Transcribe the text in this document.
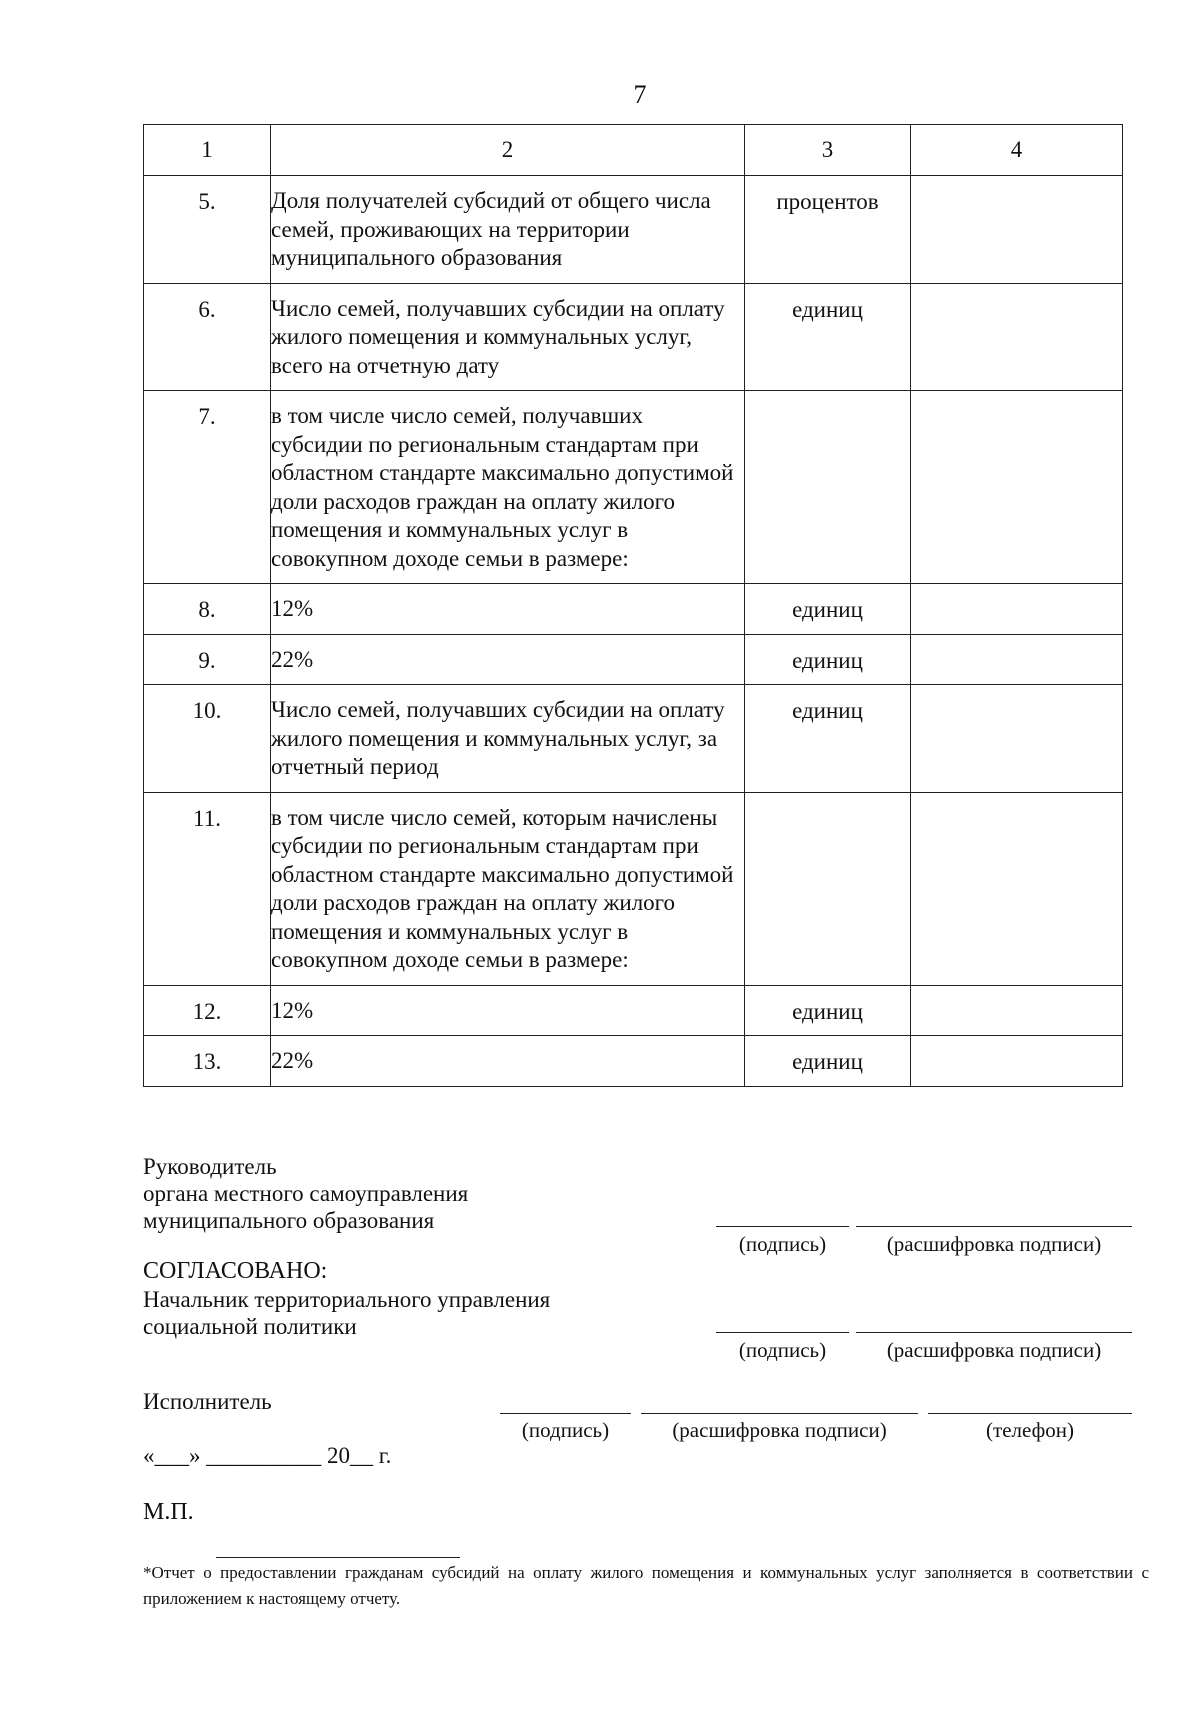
7
1	2	3	4
5.	Доля получателей субсидий от общего числа семей, проживающих на территории муниципального образования	процентов	
6.	Число семей, получавших субсидии на оплату жилого помещения и коммунальных услуг, всего на отчетную дату	единиц	
7.	в том числе число семей, получавших субсидии по региональным стандартам при областном стандарте максимально допустимой доли расходов граждан на оплату жилого помещения и коммунальных услуг в совокупном доходе семьи в размере:		
8.	12%	единиц	
9.	22%	единиц	
10.	Число семей, получавших субсидии на оплату жилого помещения и коммунальных услуг, за отчетный период	единиц	
11.	в том числе число семей, которым начислены субсидии по региональным стандартам при областном стандарте максимально допустимой доли расходов граждан на оплату жилого помещения и коммунальных услуг в совокупном доходе семьи в размере:		
12.	12%	единиц	
13.	22%	единиц	
Руководитель
органа местного самоуправления
муниципального образования
(подпись)	(расшифровка подписи)
СОГЛАСОВАНО:
Начальник территориального управления
социальной политики
(подпись)	(расшифровка подписи)
Исполнитель
(подпись)	(расшифровка подписи)	(телефон)
«___» __________ 20__ г.
М.П.
*Отчет о предоставлении гражданам субсидий на оплату жилого помещения и коммунальных услуг заполняется в соответствии с приложением к настоящему отчету.
